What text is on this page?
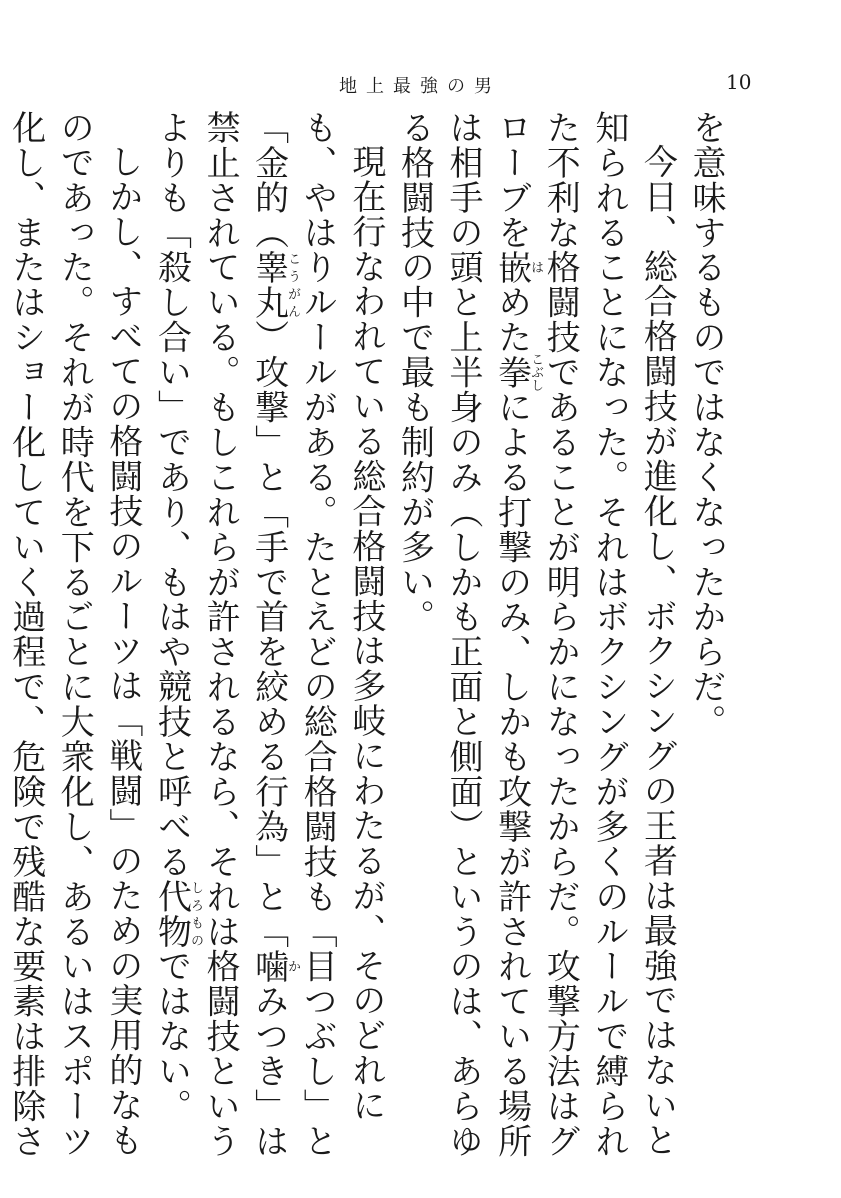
地上最強の男	10

を意味するものではなくなったからだ。

今日、総合格闘技が進化し、ボクシングの王者は最強ではないと知られることになった。それはボクシングが多くのルールで縛られた不利な格闘技であることが明らかになったからだ。攻撃方法はグローブを嵌はめた拳こぶしによる打撃のみ、しかも攻撃が許されている場所は相手の頭と上半身のみ（しかも正面と側面）というのは、あらゆる格闘技の中で最も制約が多い。

現在行なわれている総合格闘技は多岐にわたるが、そのどれにも、やはりルールがある。たとえどの総合格闘技も「目つぶし」と「金的（睾丸こうがん）攻撃」と「手で首を絞める行為」と「噛かみつき」は禁止されている。もしこれらが許されるなら、それは格闘技というよりも「殺し合い」であり、もはや競技と呼べる代物しろものではない。

しかし、すべての格闘技のルーツは「戦闘」のための実用的なものであった。それが時代を下るごとに大衆化し、あるいはスポーツ化し、またはショー化していく過程で、危険で残酷な要素は排除さ
